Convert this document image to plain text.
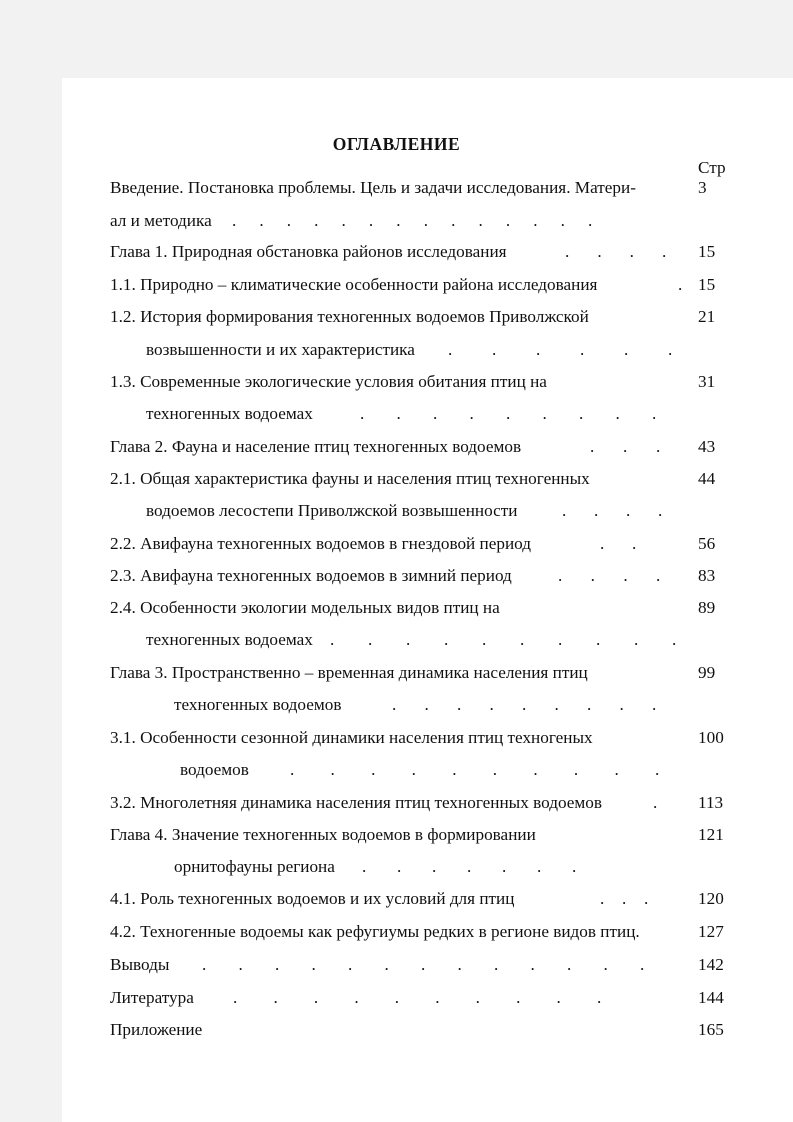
ОГЛАВЛЕНИЕ
Стр
Введение. Постановка проблемы. Цель и задачи исследования. Матери-
ал и методика . . . . . . . . . . . . . .
3
Глава 1. Природная обстановка районов исследования	. . . . 15
1.1. Природно – климатические особенности района исследования	. 15
1.2. История формирования техногенных водоемов Приволжской
возвышенности и их характеристика . . . . . .
21
1.3. Современные экологические условия обитания птиц на
техногенных водоемах	. . . . . . . . .
31
Глава 2. Фауна и население птиц техногенных водоемов	. . . 43
2.1. Общая характеристика фауны и населения птиц техногенных
водоемов лесостепи Приволжской возвышенности	. . . .
44
2.2. Авифауна техногенных водоемов в гнездовой период	. .	56
2.3. Авифауна техногенных водоемов в зимний период	. . . . 83
2.4. Особенности экологии модельных видов птиц на
техногенных водоемах . . . . . . . . . .
89
Глава 3. Пространственно – временная динамика населения птиц
техногенных водоемов	. . . . . . . . .
99
3.1. Особенности сезонной динамики населения птиц техногеных
водоемов . . . . . . . . . .
100
3.2. Многолетняя динамика населения птиц техногенных водоемов	. 113
Глава 4. Значение техногенных водоемов в формировании
орнитофауны региона . . . . . . .
121
4.1. Роль техногенных водоемов и их условий для птиц	. . .	120
4.2. Техногенные водоемы как рефугиумы редких в регионе видов птиц.	127
Выводы . . . . . . . . . . . . .	142
Литература . . . . . . . . . .	144
Приложение	165
